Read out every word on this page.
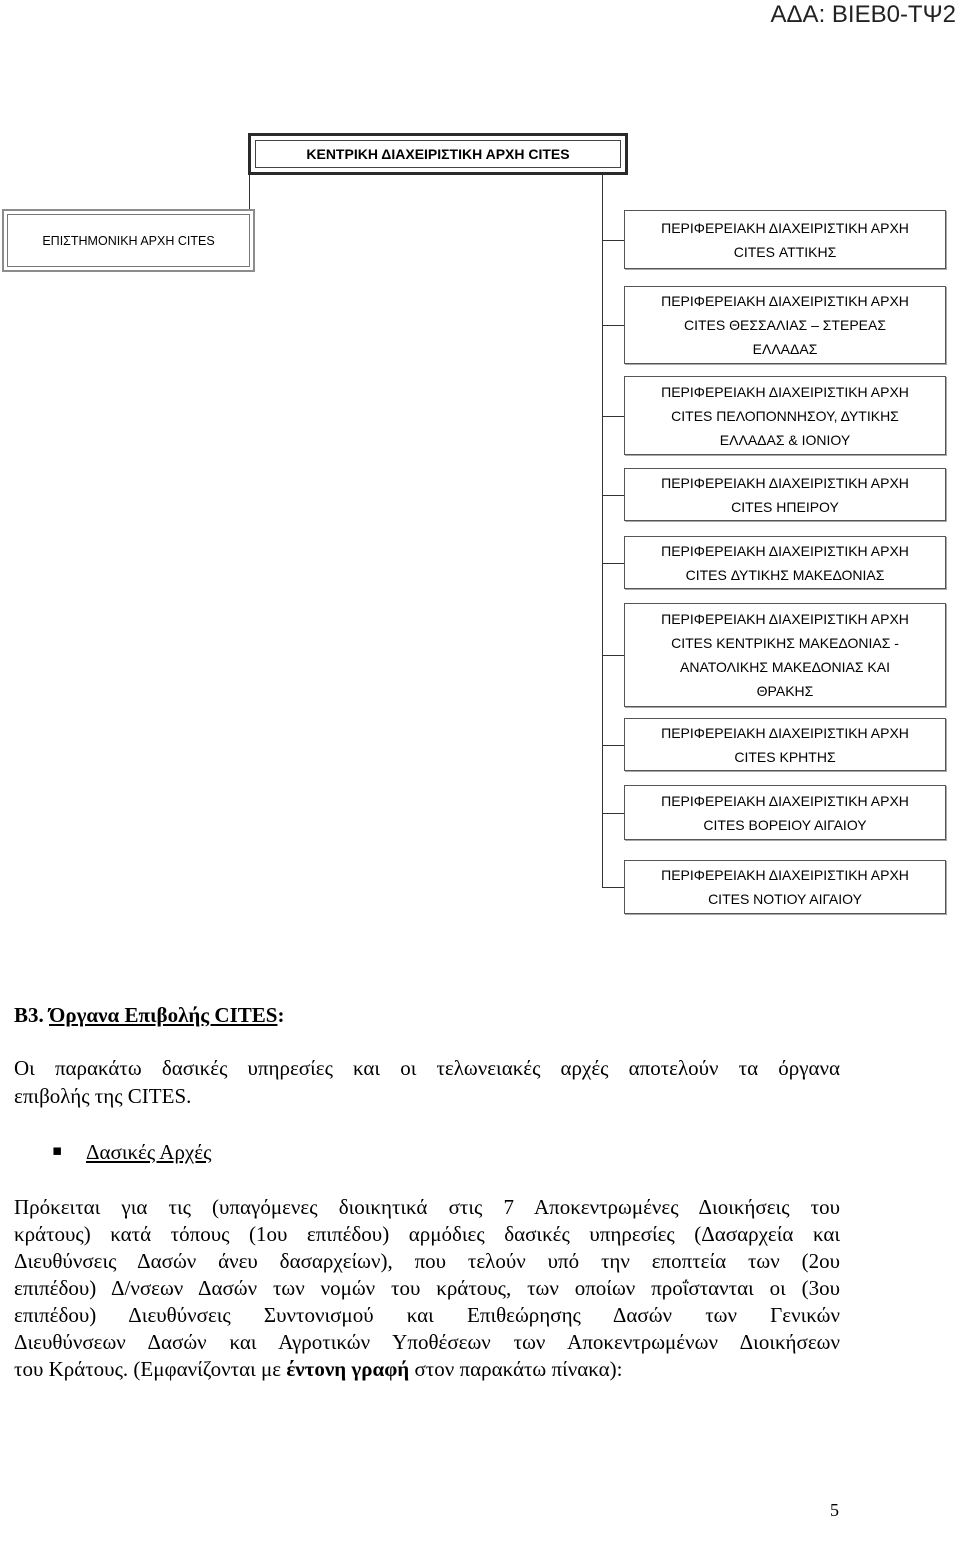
ΑΔΑ: ΒΙΕΒ0-ΤΨ2
ΚΕΝΤΡΙΚΗ ΔΙΑΧΕΙΡΙΣΤΙΚΗ ΑΡΧΗ CITES
ΕΠΙΣΤΗΜΟΝΙΚΗ ΑΡΧΗ CITES
ΠΕΡΙΦΕΡΕΙΑΚΗ ΔΙΑΧΕΙΡΙΣΤΙΚΗ ΑΡΧΗ
CITES ΑΤΤΙΚΗΣ
ΠΕΡΙΦΕΡΕΙΑΚΗ ΔΙΑΧΕΙΡΙΣΤΙΚΗ ΑΡΧΗ
CITES ΘΕΣΣΑΛΙΑΣ – ΣΤΕΡΕΑΣ
ΕΛΛΑΔΑΣ
ΠΕΡΙΦΕΡΕΙΑΚΗ ΔΙΑΧΕΙΡΙΣΤΙΚΗ ΑΡΧΗ
CITES ΠΕΛΟΠΟΝΝΗΣΟΥ, ΔΥΤΙΚΗΣ
ΕΛΛΑΔΑΣ & ΙΟΝΙΟΥ
ΠΕΡΙΦΕΡΕΙΑΚΗ ΔΙΑΧΕΙΡΙΣΤΙΚΗ ΑΡΧΗ
CITES ΗΠΕΙΡΟΥ
ΠΕΡΙΦΕΡΕΙΑΚΗ ΔΙΑΧΕΙΡΙΣΤΙΚΗ ΑΡΧΗ
CITES ΔΥΤΙΚΗΣ ΜΑΚΕΔΟΝΙΑΣ
ΠΕΡΙΦΕΡΕΙΑΚΗ ΔΙΑΧΕΙΡΙΣΤΙΚΗ ΑΡΧΗ
CITES ΚΕΝΤΡΙΚΗΣ ΜΑΚΕΔΟΝΙΑΣ -
ΑΝΑΤΟΛΙΚΗΣ ΜΑΚΕΔΟΝΙΑΣ ΚΑΙ
ΘΡΑΚΗΣ
ΠΕΡΙΦΕΡΕΙΑΚΗ ΔΙΑΧΕΙΡΙΣΤΙΚΗ ΑΡΧΗ
CITES ΚΡΗΤΗΣ
ΠΕΡΙΦΕΡΕΙΑΚΗ ΔΙΑΧΕΙΡΙΣΤΙΚΗ ΑΡΧΗ
CITES ΒΟΡΕΙΟΥ ΑΙΓΑΙΟΥ
ΠΕΡΙΦΕΡΕΙΑΚΗ ΔΙΑΧΕΙΡΙΣΤΙΚΗ ΑΡΧΗ
CITES ΝΟΤΙΟΥ ΑΙΓΑΙΟΥ
Β3. Όργανα Επιβολής CITES:
Οι παρακάτω δασικές υπηρεσίες και οι τελωνειακές αρχές αποτελούν τα όργανα
επιβολής της CITES.
▪ Δασικές Αρχές
Πρόκειται για τις (υπαγόμενες διοικητικά στις 7 Αποκεντρωμένες Διοικήσεις του
κράτους) κατά τόπους (1ου επιπέδου) αρμόδιες δασικές υπηρεσίες (Δασαρχεία και
Διευθύνσεις Δασών άνευ δασαρχείων), που τελούν υπό την εποπτεία των (2ου
επιπέδου) Δ/νσεων Δασών των νομών του κράτους, των οποίων προΐστανται οι (3ου
επιπέδου) Διευθύνσεις Συντονισμού και Επιθεώρησης Δασών των Γενικών
Διευθύνσεων Δασών και Αγροτικών Υποθέσεων των Αποκεντρωμένων Διοικήσεων
του Κράτους. (Εμφανίζονται με έντονη γραφή στον παρακάτω πίνακα):
5
